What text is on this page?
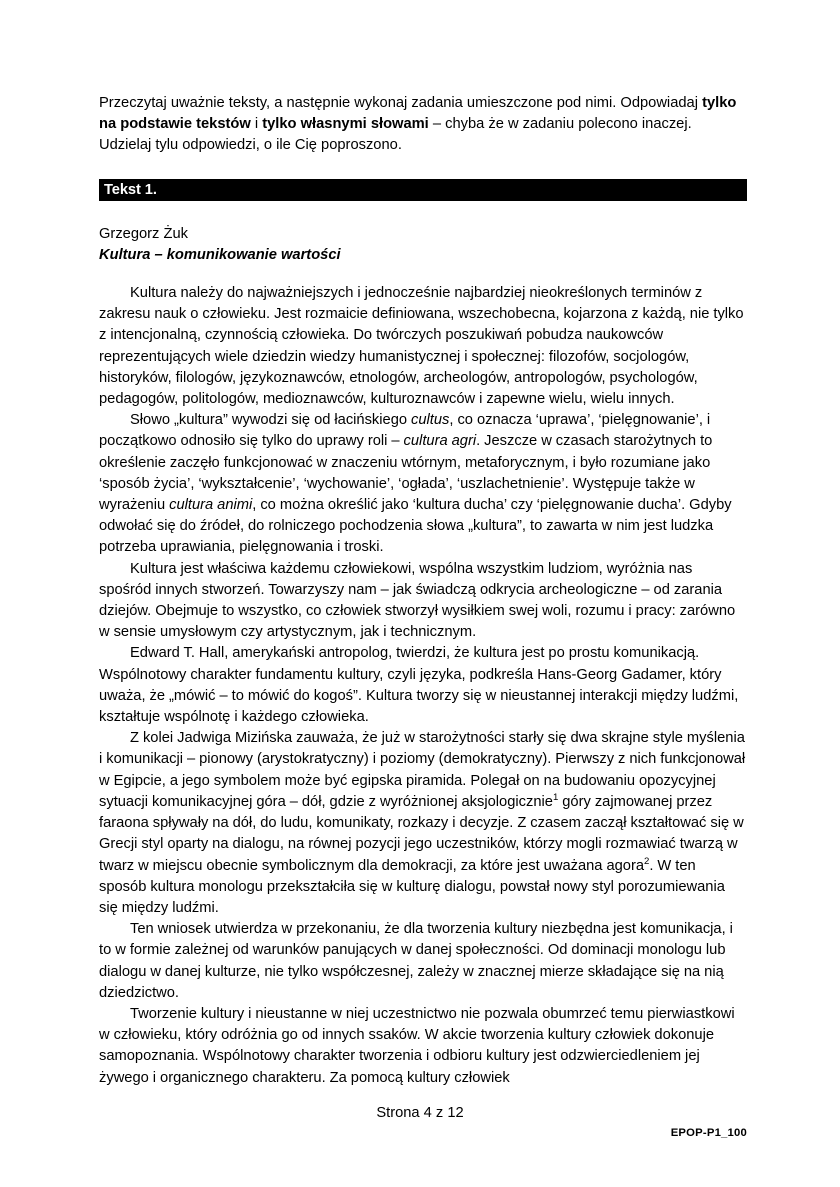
Przeczytaj uważnie teksty, a następnie wykonaj zadania umieszczone pod nimi. Odpowiadaj tylko na podstawie tekstów i tylko własnymi słowami – chyba że w zadaniu polecono inaczej. Udzielaj tylu odpowiedzi, o ile Cię poproszono.

Tekst 1.
Grzegorz Żuk
Kultura – komunikowanie wartości

Kultura należy do najważniejszych i jednocześnie najbardziej nieokreślonych terminów z zakresu nauk o człowieku. Jest rozmaicie definiowana, wszechobecna, kojarzona z każdą, nie tylko z intencjonalną, czynnością człowieka. Do twórczych poszukiwań pobudza naukowców reprezentujących wiele dziedzin wiedzy humanistycznej i społecznej: filozofów, socjologów, historyków, filologów, językoznawców, etnologów, archeologów, antropologów, psychologów, pedagogów, politologów, medioznawców, kulturoznawców i zapewne wielu, wielu innych.

Słowo „kultura” wywodzi się od łacińskiego cultus, co oznacza ‘uprawa’, ‘pielęgnowanie’, i początkowo odnosiło się tylko do uprawy roli – cultura agri. Jeszcze w czasach starożytnych to określenie zaczęło funkcjonować w znaczeniu wtórnym, metaforycznym, i było rozumiane jako ‘sposób życia’, ‘wykształcenie’, ‘wychowanie’, ‘ogłada’, ‘uszlachetnienie’. Występuje także w wyrażeniu cultura animi, co można określić jako ‘kultura ducha’ czy ‘pielęgnowanie ducha’. Gdyby odwołać się do źródeł, do rolniczego pochodzenia słowa „kultura”, to zawarta w nim jest ludzka potrzeba uprawiania, pielęgnowania i troski.

Kultura jest właściwa każdemu człowiekowi, wspólna wszystkim ludziom, wyróżnia nas spośród innych stworzeń. Towarzyszy nam – jak świadczą odkrycia archeologiczne – od zarania dziejów. Obejmuje to wszystko, co człowiek stworzył wysiłkiem swej woli, rozumu i pracy: zarówno w sensie umysłowym czy artystycznym, jak i technicznym.

Edward T. Hall, amerykański antropolog, twierdzi, że kultura jest po prostu komunikacją. Wspólnotowy charakter fundamentu kultury, czyli języka, podkreśla Hans-Georg Gadamer, który uważa, że „mówić – to mówić do kogoś”. Kultura tworzy się w nieustannej interakcji między ludźmi, kształtuje wspólnotę i każdego człowieka.

Z kolei Jadwiga Mizińska zauważa, że już w starożytności starły się dwa skrajne style myślenia i komunikacji – pionowy (arystokratyczny) i poziomy (demokratyczny). Pierwszy z nich funkcjonował w Egipcie, a jego symbolem może być egipska piramida. Polegał on na budowaniu opozycyjnej sytuacji komunikacyjnej góra – dół, gdzie z wyróżnionej aksjologicznie$^1$ góry zajmowanej przez faraona spływały na dół, do ludu, komunikaty, rozkazy i decyzje. Z czasem zaczął kształtować się w Grecji styl oparty na dialogu, na równej pozycji jego uczestników, którzy mogli rozmawiać twarzą w twarz w miejscu obecnie symbolicznym dla demokracji, za które jest uważana agora$^2$. W ten sposób kultura monologu przekształciła się w kulturę dialogu, powstał nowy styl porozumiewania się między ludźmi.

Ten wniosek utwierdza w przekonaniu, że dla tworzenia kultury niezbędna jest komunikacja, i to w formie zależnej od warunków panujących w danej społeczności. Od dominacji monologu lub dialogu w danej kulturze, nie tylko współczesnej, zależy w znacznej mierze składające się na nią dziedzictwo.

Tworzenie kultury i nieustanne w niej uczestnictwo nie pozwala obumrzeć temu pierwiastkowi w człowieku, który odróżnia go od innych ssaków. W akcie tworzenia kultury człowiek dokonuje samopoznania. Wspólnotowy charakter tworzenia i odbioru kultury jest odzwierciedleniem jej żywego i organicznego charakteru. Za pomocą kultury człowiek

Strona 4 z 12
EPOP-P1_100
